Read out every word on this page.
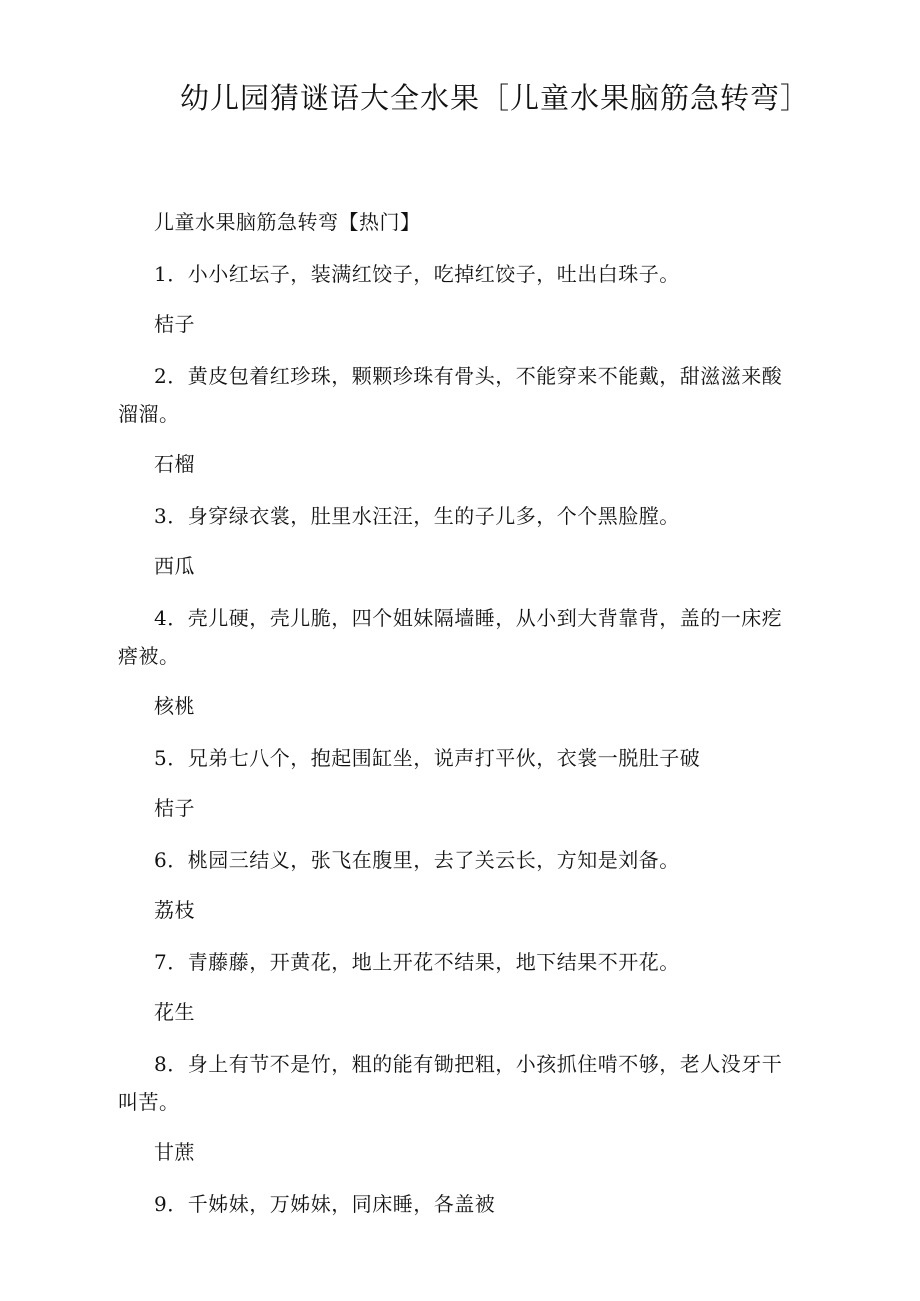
幼儿园猜谜语大全水果［儿童水果脑筋急转弯］

儿童水果脑筋急转弯【热门】

1．小小红坛子，装满红饺子，吃掉红饺子，吐出白珠子。

桔子

2．黄皮包着红珍珠，颗颗珍珠有骨头，不能穿来不能戴，甜滋滋来酸溜溜。

石榴

3．身穿绿衣裳，肚里水汪汪，生的子儿多，个个黑脸膛。

西瓜

4．壳儿硬，壳儿脆，四个姐妹隔墙睡，从小到大背靠背，盖的一床疙瘩被。

核桃

5．兄弟七八个，抱起围缸坐，说声打平伙，衣裳一脱肚子破

桔子

6．桃园三结义，张飞在腹里，去了关云长，方知是刘备。

荔枝

7．青藤藤，开黄花，地上开花不结果，地下结果不开花。

花生

8．身上有节不是竹，粗的能有锄把粗，小孩抓住啃不够，老人没牙干叫苦。

甘蔗

9．千姊妹，万姊妹，同床睡，各盖被
